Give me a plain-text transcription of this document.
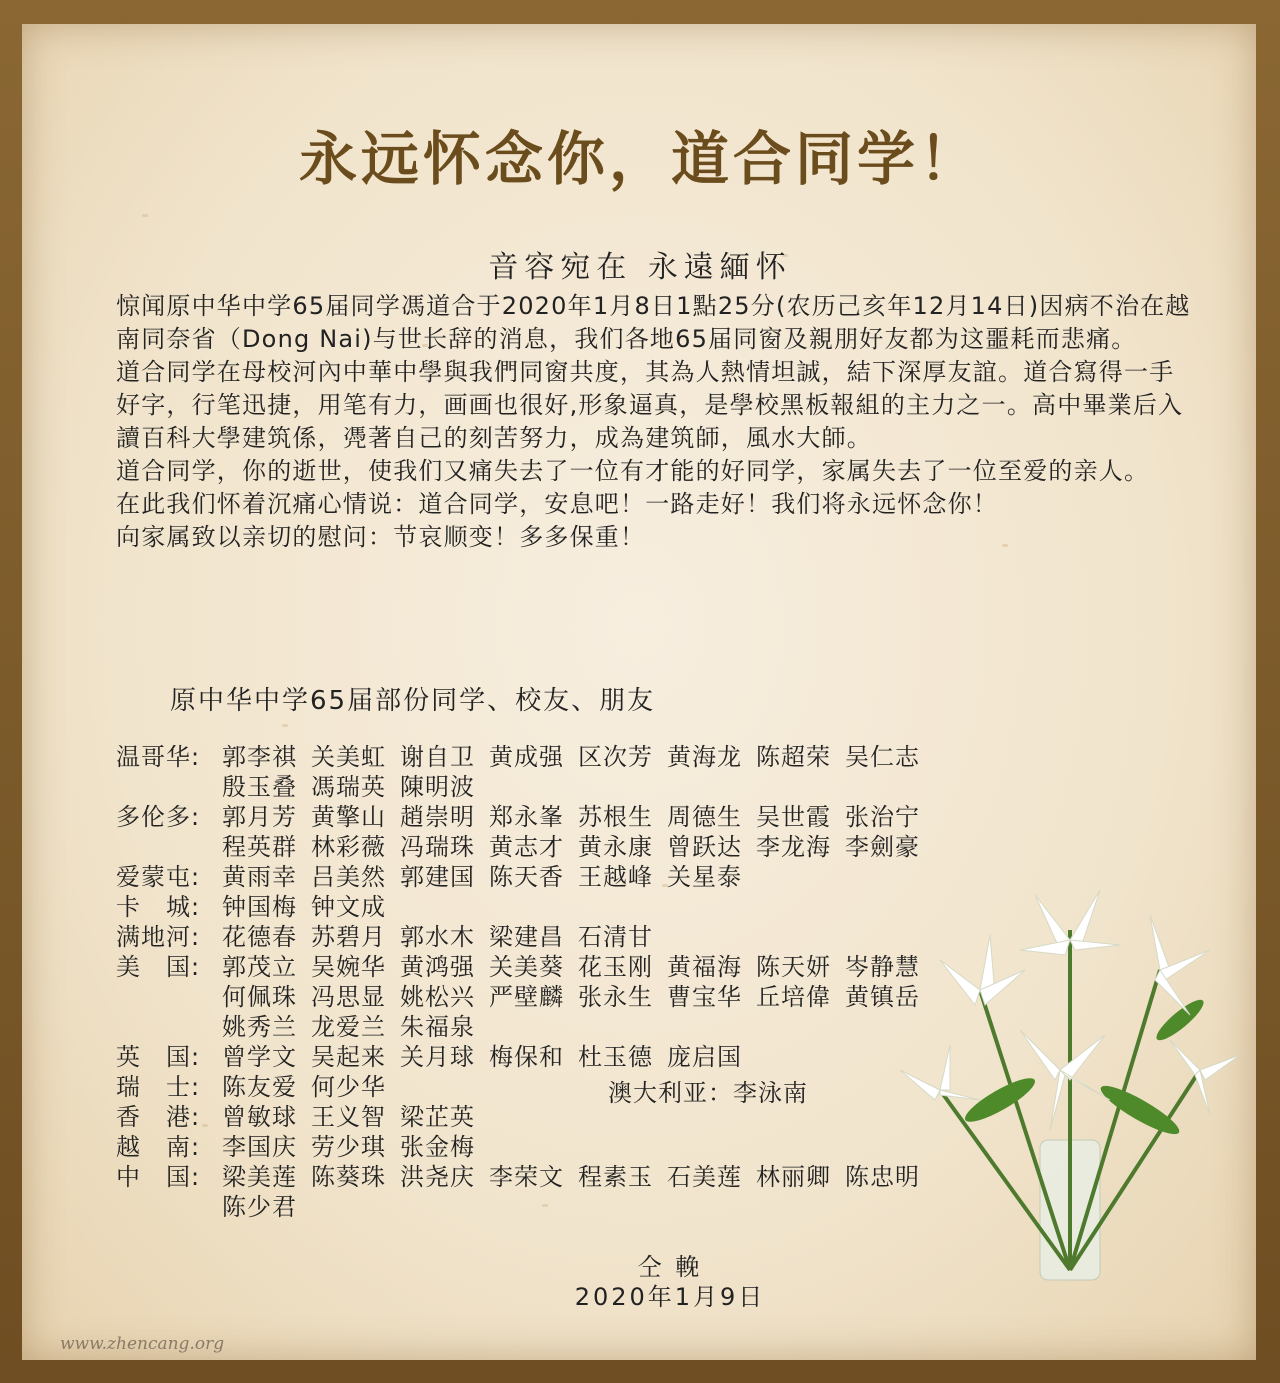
永远怀念你，道合同学！
音容宛在 永遠緬怀

惊闻原中华中学65届同学馮道合于2020年1月8日1點25分(农历己亥年12月14日)因病不治在越南同奈省（Dong Nai)与世长辞的消息，我们各地65届同窗及親朋好友都为这噩耗而悲痛。

道合同学在母校河內中華中學與我們同窗共度，其為人熱情坦誠，結下深厚友誼。道合寫得一手好字，行笔迅捷，用笔有力，画画也很好,形象逼真，是學校黑板報組的主力之一。高中畢業后入讀百科大學建筑係，凴著自己的刻苦努力，成為建筑師，風水大師。

道合同学，你的逝世，使我们又痛失去了一位有才能的好同学，家属失去了一位至爱的亲人。

在此我们怀着沉痛心情说：道合同学，安息吧！一路走好！我们将永远怀念你！

向家属致以亲切的慰问：节哀顺变！多多保重！

原中华中学65届部份同学、校友、朋友
温哥华: 郭李祺 关美虹 谢自卫 黄成强 区次芳 黄海龙 陈超荣 吴仁志
殷玉叠 馮瑞英 陳明波
多伦多: 郭月芳 黄擎山 趙崇明 郑永峯 苏根生 周德生 吴世霞 张治宁
程英群 林彩薇 冯瑞珠 黄志才 黄永康 曾跃达 李龙海 李劍豪
爱蒙屯: 黄雨幸 吕美然 郭建国 陈天香 王越峰 关星泰
卡　城: 钟国梅 钟文成
满地河: 花德春 苏碧月 郭水木 梁建昌 石清甘
美　国: 郭茂立 吴婉华 黄鸿强 关美葵 花玉刚 黄福海 陈天妍 岑静慧
何佩珠 冯思显 姚松兴 严壁麟 张永生 曹宝华 丘培偉 黄镇岳
姚秀兰 龙爱兰 朱福泉
英　国: 曾学文 吴起来 关月球 梅保和 杜玉德 庞启国
瑞　士: 陈友爱 何少华
香　港: 曾敏球 王义智 梁芷英
越　南: 李国庆 劳少琪 张金梅
中　国: 梁美莲 陈葵珠 洪尧庆 李荣文 程素玉 石美莲 林丽卿 陈忠明
陈少君
澳大利亚：李泳南
仝 輓
2020年1月9日
www.zhencang.org
